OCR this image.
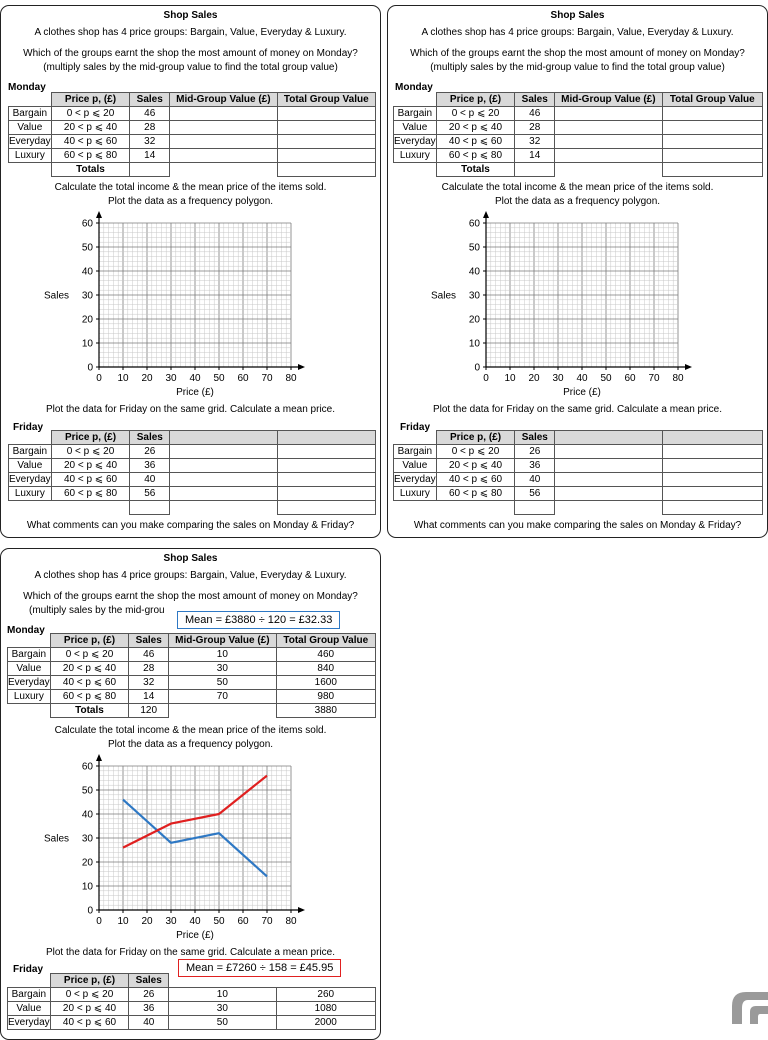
Shop Sales
A clothes shop has 4 price groups: Bargain, Value, Everyday & Luxury.
Which of the groups earnt the shop the most amount of money on Monday?
(multiply sales by the mid-group value to find the total group value)
Monday
	Price p, (£)	Sales	Mid-Group Value (£)	Total Group Value
Bargain	0 < p ⩽ 20	46		
Value	20 < p ⩽ 40	28		
Everyday	40 < p ⩽ 60	32		
Luxury	60 < p ⩽ 80	14		
	Totals			
Calculate the total income & the mean price of the items sold.
Plot the data as a frequency polygon.
0 10 20 30 40 50 60 70 80
0
10
20
30
40
50
60
Price (£)
Sales
Plot the data for Friday on the same grid. Calculate a mean price.
Friday
	Price p, (£)	Sales		
Bargain	0 < p ⩽ 20	26		
Value	20 < p ⩽ 40	36		
Everyday	40 < p ⩽ 60	40		
Luxury	60 < p ⩽ 80	56		

What comments can you make comparing the sales on Monday & Friday?
Shop Sales
A clothes shop has 4 price groups: Bargain, Value, Everyday & Luxury.
Which of the groups earnt the shop the most amount of money on Monday?
(multiply sales by the mid-group value to find the total group value)
Monday
	Price p, (£)	Sales	Mid-Group Value (£)	Total Group Value
Bargain	0 < p ⩽ 20	46		
Value	20 < p ⩽ 40	28		
Everyday	40 < p ⩽ 60	32		
Luxury	60 < p ⩽ 80	14		
	Totals			
Calculate the total income & the mean price of the items sold.
Plot the data as a frequency polygon.
0 10 20 30 40 50 60 70 80
0
10
20
30
40
50
60
Price (£)
Sales
Plot the data for Friday on the same grid. Calculate a mean price.
Friday
	Price p, (£)	Sales		
Bargain	0 < p ⩽ 20	26		
Value	20 < p ⩽ 40	36		
Everyday	40 < p ⩽ 60	40		
Luxury	60 < p ⩽ 80	56		

What comments can you make comparing the sales on Monday & Friday?
Shop Sales
A clothes shop has 4 price groups: Bargain, Value, Everyday & Luxury.
Which of the groups earnt the shop the most amount of money on Monday?
(multiply sales by the mid-grou
Monday
	Price p, (£)	Sales	Mid-Group Value (£)	Total Group Value
Bargain	0 < p ⩽ 20	46	10	460
Value	20 < p ⩽ 40	28	30	840
Everyday	40 < p ⩽ 60	32	50	1600
Luxury	60 < p ⩽ 80	14	70	980
	Totals	120		3880
Mean = £3880 ÷ 120 = £32.33
Calculate the total income & the mean price of the items sold.
Plot the data as a frequency polygon.
0 10 20 30 40 50 60 70 80
0
10
20
30
40
50
60
Price (£)
Sales
Plot the data for Friday on the same grid. Calculate a mean price.
Friday
	Price p, (£)	Sales		
Bargain	0 < p ⩽ 20	26	10	260
Value	20 < p ⩽ 40	36	30	1080
Everyday	40 < p ⩽ 60	40	50	2000
Mean = £7260 ÷ 158 = £45.95
